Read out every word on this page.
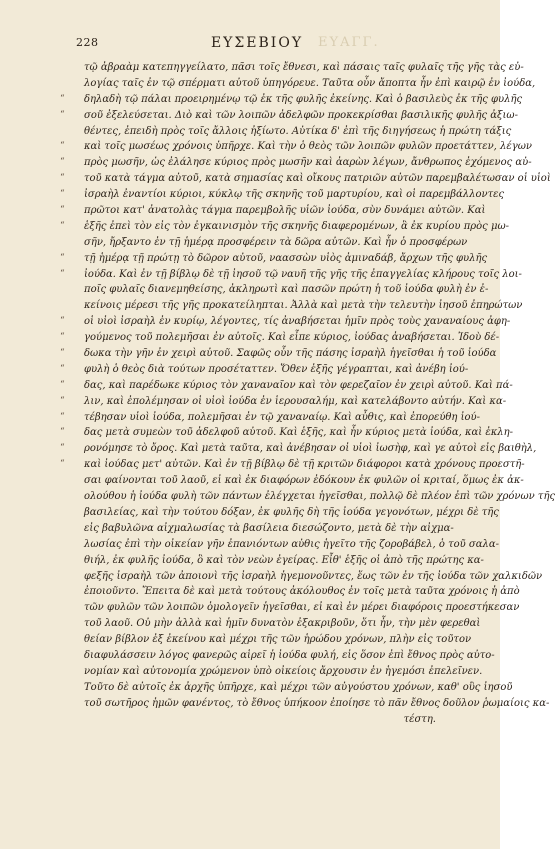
ΕΥΑΓΓ.
228	ΕΥΣΕΒΙΟΥ
τῷ ἀβραὰμ κατεπηγγείλατο, πᾶσι τοῖς ἔθνεσι, καὶ πάσαις ταῖς φυλαῖς τῆς γῆς τὰς εὐ-
λογίας ταῖς ἐν τῷ σπέρματι αὐτοῦ ὑπηγόρευε. Ταῦτα οὖν ἄποπτα ἦν ἐπὶ καιρῷ ἐν ἰούδα,
“ δηλαδὴ τῷ πάλαι προειρημένῳ τῷ ἐκ τῆς φυλῆς ἐκείνης. Καὶ ὁ βασιλεὺς ἐκ τῆς φυλῆς
“ σοῦ ἐξελεύσεται. Διὸ καὶ τῶν λοιπῶν ἀδελφῶν προκεκρίσθαι βασιλικῆς φυλῆς ἀξιω-
θέντες, ἐπειδὴ πρὸς τοῖς ἄλλοις ἠξίωτο. Αὐτίκα δ' ἐπὶ τῆς διηγήσεως ἡ πρώτη τάξις
“ καὶ τοῖς μωσέως χρόνοις ὑπῆρχε. Καὶ τὴν ὁ θεὸς τῶν λοιπῶν φυλῶν προετάττεν, λέγων
“ πρὸς μωσῆν, ὡς ἐλάλησε κύριος πρὸς μωσῆν καὶ ἀαρὼν λέγων, ἄνθρωπος ἐχόμενος αὐ-
“ τοῦ κατὰ τάγμα αὐτοῦ, κατὰ σημασίας καὶ οἴκους πατριῶν αὐτῶν παρεμβαλέτωσαν οἱ υἱοὶ
“ ἰσραὴλ ἐναντίοι κύριοι, κύκλῳ τῆς σκηνῆς τοῦ μαρτυρίου, καὶ οἱ παρεμβάλλοντες
“ πρῶτοι κατ' ἀνατολὰς τάγμα παρεμβολῆς υἱῶν ἰούδα, σὺν δυνάμει αὐτῶν. Καὶ
“ ἑξῆς ἐπεὶ τὸν εἰς τὸν ἐγκαινισμὸν τῆς σκηνῆς διαφερομένων, ἃ ἐκ κυρίου πρὸς μω-
σῆν, ἤρξαντο ἐν τῇ ἡμέρᾳ προσφέρειν τὰ δῶρα αὐτῶν. Καὶ ἦν ὁ προσφέρων
“ τῇ ἡμέρᾳ τῇ πρώτῃ τὸ δῶρον αὐτοῦ, ναασσὼν υἱὸς ἀμιναδάβ, ἄρχων τῆς φυλῆς
“ ἰούδα. Καὶ ἐν τῇ βίβλῳ δὲ τῇ ἰησοῦ τῷ ναυῆ τῆς γῆς τῆς ἐπαγγελίας κλήρους τοῖς λοι-
ποῖς φυλαῖς διανεμηθείσης, ἀκληρωτὶ καὶ πασῶν πρώτη ἡ τοῦ ἰούδα φυλὴ ἐν ἐ-
κείνοις μέρεσι τῆς γῆς προκατείληπται. Ἀλλὰ καὶ μετὰ τὴν τελευτὴν ἰησοῦ ἐπηρώτων
“ οἱ υἱοὶ ἰσραὴλ ἐν κυρίῳ, λέγοντες, τίς ἀναβήσεται ἡμῖν πρὸς τοὺς χαναναίους ἀφη-
“ γούμενος τοῦ πολεμῆσαι ἐν αὐτοῖς. Καὶ εἶπε κύριος, ἰούδας ἀναβήσεται. Ἰδοὺ δέ-
“ δωκα τὴν γῆν ἐν χειρὶ αὐτοῦ. Σαφῶς οὖν τῆς πάσης ἰσραὴλ ἡγεῖσθαι ἡ τοῦ ἰούδα
“ φυλὴ ὁ θεὸς διὰ τούτων προσέταττεν. Ὅθεν ἑξῆς γέγραπται, καὶ ἀνέβη ἰού-
“ δας, καὶ παρέδωκε κύριος τὸν χαναναῖον καὶ τὸν φερεζαῖον ἐν χειρὶ αὐτοῦ. Καὶ πά-
“ λιν, καὶ ἐπολέμησαν οἱ υἱοὶ ἰούδα ἐν ἱερουσαλήμ, καὶ κατελάβοντο αὐτήν. Καὶ κα-
“ τέβησαν υἱοὶ ἰούδα, πολεμῆσαι ἐν τῷ χαναναίῳ. Καὶ αὖθις, καὶ ἐπορεύθη ἰού-
“ δας μετὰ συμεὼν τοῦ ἀδελφοῦ αὐτοῦ. Καὶ ἑξῆς, καὶ ἦν κύριος μετὰ ἰούδα, καὶ ἐκλη-
“ ρονόμησε τὸ ὄρος. Καὶ μετὰ ταῦτα, καὶ ἀνέβησαν οἱ υἱοὶ ἰωσὴφ, καὶ γε αὐτοὶ εἰς βαιθὴλ,
“ καὶ ἰούδας μετ' αὐτῶν. Καὶ ἐν τῇ βίβλῳ δὲ τῇ κριτῶν διάφοροι κατὰ χρόνους προεστῆ-
σαι φαίνονται τοῦ λαοῦ, εἰ καὶ ἐκ διαφόρων ἐδόκουν ἐκ φυλῶν οἱ κριταί, ὅμως ἐκ ἀκ-
ολούθου ἡ ἰούδα φυλὴ τῶν πάντων ἐλέγχεται ἡγεῖσθαι, πολλῷ δὲ πλέον ἐπὶ τῶν χρόνων τῆς
βασιλείας, καὶ τὴν τούτου δόξαν, ἐκ φυλῆς δὴ τῆς ἰούδα γεγονότων, μέχρι δὲ τῆς
εἰς βαβυλῶνα αἰχμαλωσίας τὰ βασίλεια διεσώζοντο, μετὰ δὲ τὴν αἰχμα-
λωσίας ἐπὶ τὴν οἰκείαν γῆν ἐπανιόντων αὐθις ἡγεῖτο τῆς ζοροβάβελ, ὁ τοῦ σαλα-
θιήλ, ἐκ φυλῆς ἰούδα, ὃ καὶ τὸν νεὼν ἐγείρας. Εἶθ' ἑξῆς οἱ ἀπὸ τῆς πρώτης κα-
φεξῆς ἰσραὴλ τῶν ἀποιονὶ τῆς ἰσραὴλ ἡγεμονοῦντες, ἕως τῶν ἐν τῆς ἰούδα τῶν χαλκιδῶν
ἐποιοῦντο. Ἔπειτα δὲ καὶ μετὰ τούτους ἀκόλουθος ἐν τοῖς μετὰ ταῦτα χρόνοις ἡ ἀπὸ
τῶν φυλῶν τῶν λοιπῶν ὁμολογεῖν ἡγεῖσθαι, εἰ καὶ ἐν μέρει διαφόροις προεστήκεσαν
τοῦ λαοῦ. Οὐ μὴν ἀλλὰ καὶ ἡμῖν δυνατὸν ἐξακριβοῦν, ὅτι ἦν, τὴν μὲν φερεθαὶ
θείαν βίβλον ἐξ ἐκείνου καὶ μέχρι τῆς τῶν ἡρώδου χρόνων, πλὴν εἰς τοῦτον
διαφυλάσσειν λόγος φανερῶς αἱρεῖ ἡ ἰούδα φυλή, εἰς ὅσον ἐπὶ ἔθνος πρὸς αὐτο-
νομίαν καὶ αὐτονομία χρώμενον ὑπὸ οἰκείοις ἄρχουσιν ἐν ἡγεμόσι ἐπελεῖνεν.
Τοῦτο δὲ αὐτοῖς ἐκ ἀρχῆς ὑπῆρχε, καὶ μέχρι τῶν αὐγούστου χρόνων, καθ' οὓς ἰησοῦ
τοῦ σωτῆρος ἡμῶν φανέντος, τὸ ἔθνος ὑπήκοον ἐποίησε τὸ πᾶν ἔθνος δοῦλον ῥωμαίοις κα-
τέστη.
